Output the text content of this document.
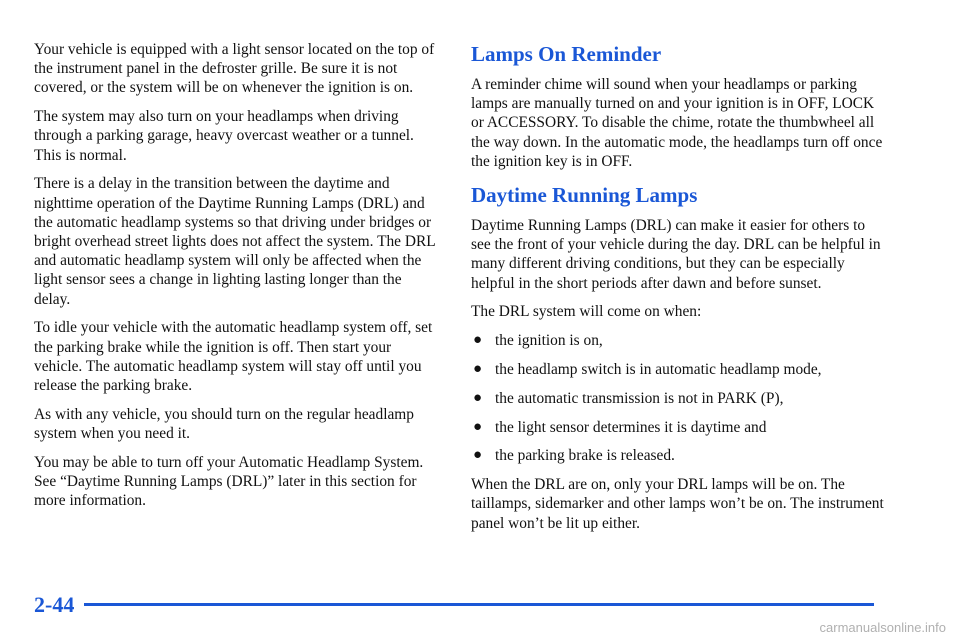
Your vehicle is equipped with a light sensor located on the top of the instrument panel in the defroster grille. Be sure it is not covered, or the system will be on whenever the ignition is on.

The system may also turn on your headlamps when driving through a parking garage, heavy overcast weather or a tunnel. This is normal.

There is a delay in the transition between the daytime and nighttime operation of the Daytime Running Lamps (DRL) and the automatic headlamp systems so that driving under bridges or bright overhead street lights does not affect the system. The DRL and automatic headlamp system will only be affected when the light sensor sees a change in lighting lasting longer than the delay.

To idle your vehicle with the automatic headlamp system off, set the parking brake while the ignition is off. Then start your vehicle. The automatic headlamp system will stay off until you release the parking brake.

As with any vehicle, you should turn on the regular headlamp system when you need it.

You may be able to turn off your Automatic Headlamp System. See “Daytime Running Lamps (DRL)” later in this section for more information.

Lamps On Reminder

A reminder chime will sound when your headlamps or parking lamps are manually turned on and your ignition is in OFF, LOCK or ACCESSORY. To disable the chime, rotate the thumbwheel all the way down. In the automatic mode, the headlamps turn off once the ignition key is in OFF.

Daytime Running Lamps

Daytime Running Lamps (DRL) can make it easier for others to see the front of your vehicle during the day. DRL can be helpful in many different driving conditions, but they can be especially helpful in the short periods after dawn and before sunset.

The DRL system will come on when:

● the ignition is on,
● the headlamp switch is in automatic headlamp mode,
● the automatic transmission is not in PARK (P),
● the light sensor determines it is daytime and
● the parking brake is released.

When the DRL are on, only your DRL lamps will be on. The taillamps, sidemarker and other lamps won’t be on. The instrument panel won’t be lit up either.

2-44
carmanualsonline.info
